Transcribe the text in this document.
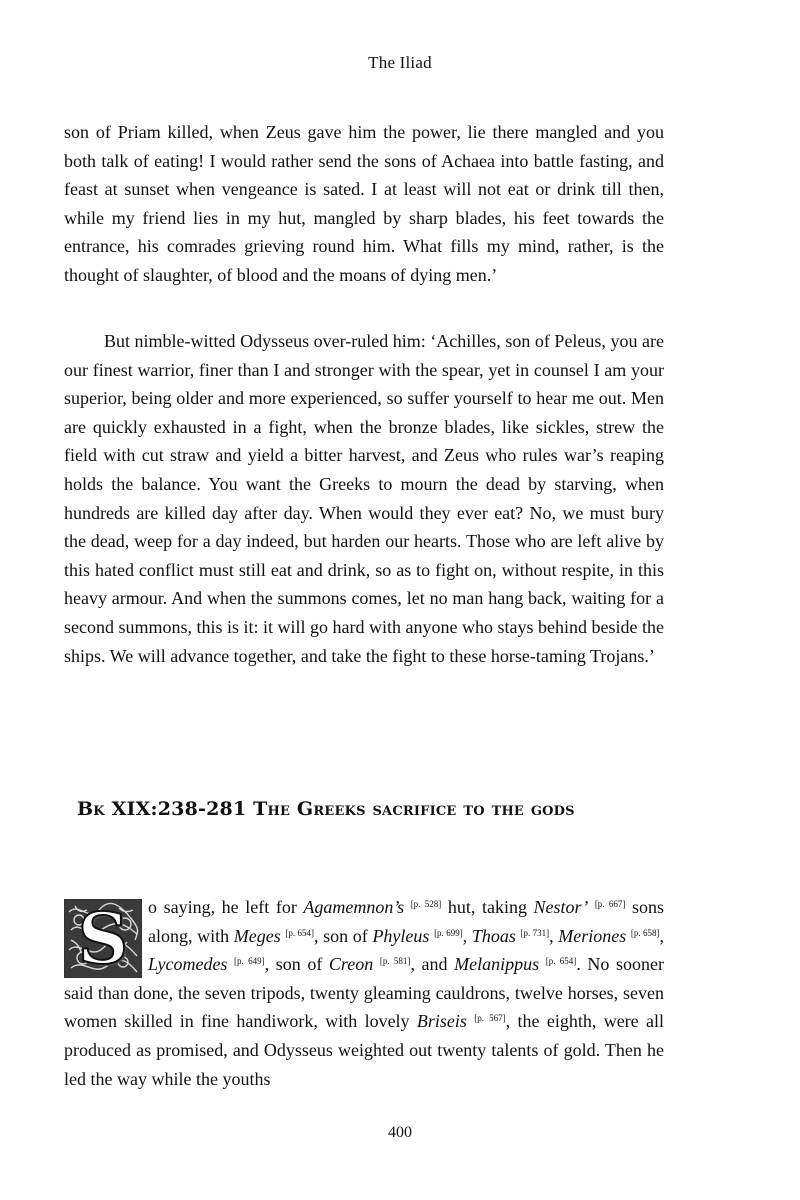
The Iliad

son of Priam killed, when Zeus gave him the power, lie there mangled and you both talk of eating! I would rather send the sons of Achaea into battle fasting, and feast at sunset when vengeance is sated. I at least will not eat or drink till then, while my friend lies in my hut, mangled by sharp blades, his feet towards the entrance, his comrades grieving round him. What fills my mind, rather, is the thought of slaughter, of blood and the moans of dying men.’

But nimble-witted Odysseus over-ruled him: ‘Achilles, son of Peleus, you are our finest warrior, finer than I and stronger with the spear, yet in counsel I am your superior, being older and more experienced, so suffer yourself to hear me out. Men are quickly exhausted in a fight, when the bronze blades, like sickles, strew the field with cut straw and yield a bitter harvest, and Zeus who rules war’s reaping holds the balance. You want the Greeks to mourn the dead by starving, when hundreds are killed day after day. When would they ever eat? No, we must bury the dead, weep for a day indeed, but harden our hearts. Those who are left alive by this hated conflict must still eat and drink, so as to fight on, without respite, in this heavy armour. And when the summons comes, let no man hang back, waiting for a second summons, this is it: it will go hard with anyone who stays behind beside the ships. We will advance together, and take the fight to these horse-taming Trojans.’

Bk XIX:238-281 The Greeks sacrifice to the gods

S	o saying, he left for Agamemnon’s [p. 528] hut, taking Nestor’ [p. 667] sons along, with Meges [p. 654], son of Phyleus [p. 699], Thoas [p. 731], Meriones [p. 658], Lycomedes [p. 649], son of Creon [p. 581], and Melanippus [p. 654]. No sooner said than done, the seven tripods, twenty gleaming cauldrons, twelve horses, seven women skilled in fine handiwork, with lovely Briseis [p. 567], the eighth, were all produced as promised, and Odysseus weighted out twenty talents of gold. Then he led the way while the youths

400
